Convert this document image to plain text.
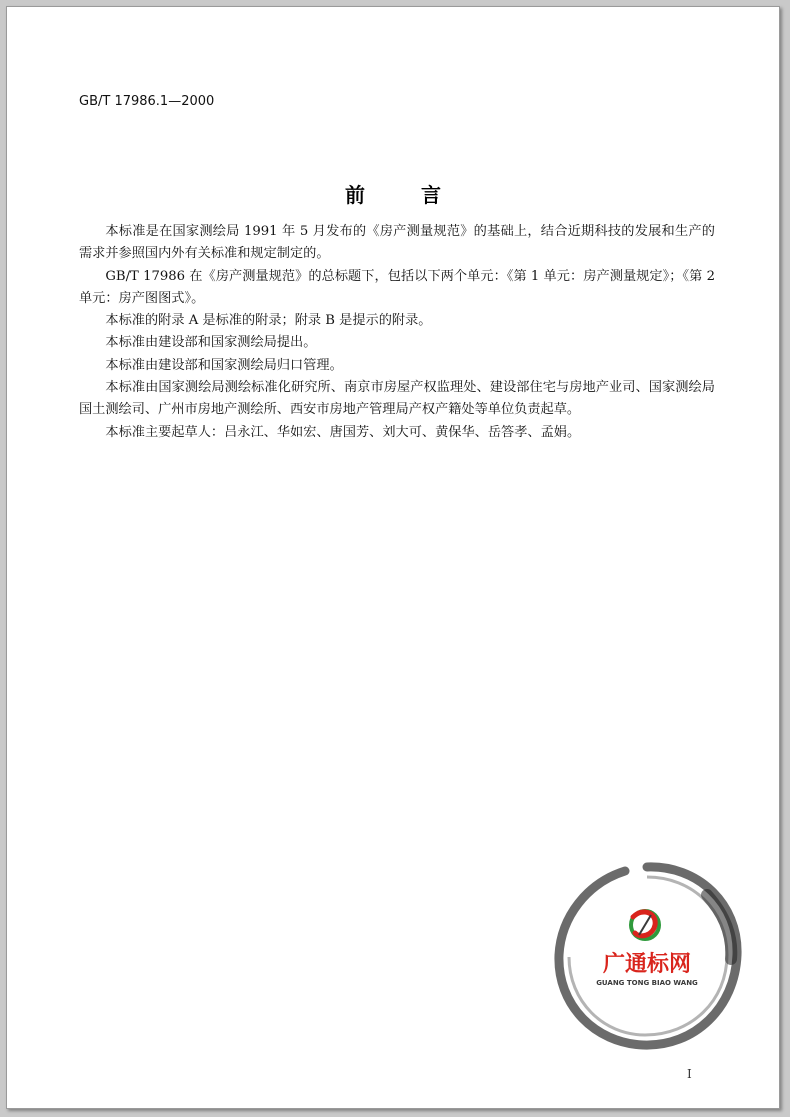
GB/T 17986.1—2000
前言

本标准是在国家测绘局 1991 年 5 月发布的《房产测量规范》的基础上，结合近期科技的发展和生产的需求并参照国内外有关标准和规定制定的。

GB/T 17986 在《房产测量规范》的总标题下，包括以下两个单元：《第 1 单元：房产测量规定》；《第 2 单元：房产图图式》。

本标准的附录 A 是标准的附录；附录 B 是提示的附录。

本标准由建设部和国家测绘局提出。

本标准由建设部和国家测绘局归口管理。

本标准由国家测绘局测绘标准化研究所、南京市房屋产权监理处、建设部住宅与房地产业司、国家测绘局国土测绘司、广州市房地产测绘所、西安市房地产管理局产权产籍处等单位负责起草。

本标准主要起草人：吕永江、华如宏、唐国芳、刘大可、黄保华、岳答孝、孟娟。

广通标网
GUANG TONG BIAO WANG
I
